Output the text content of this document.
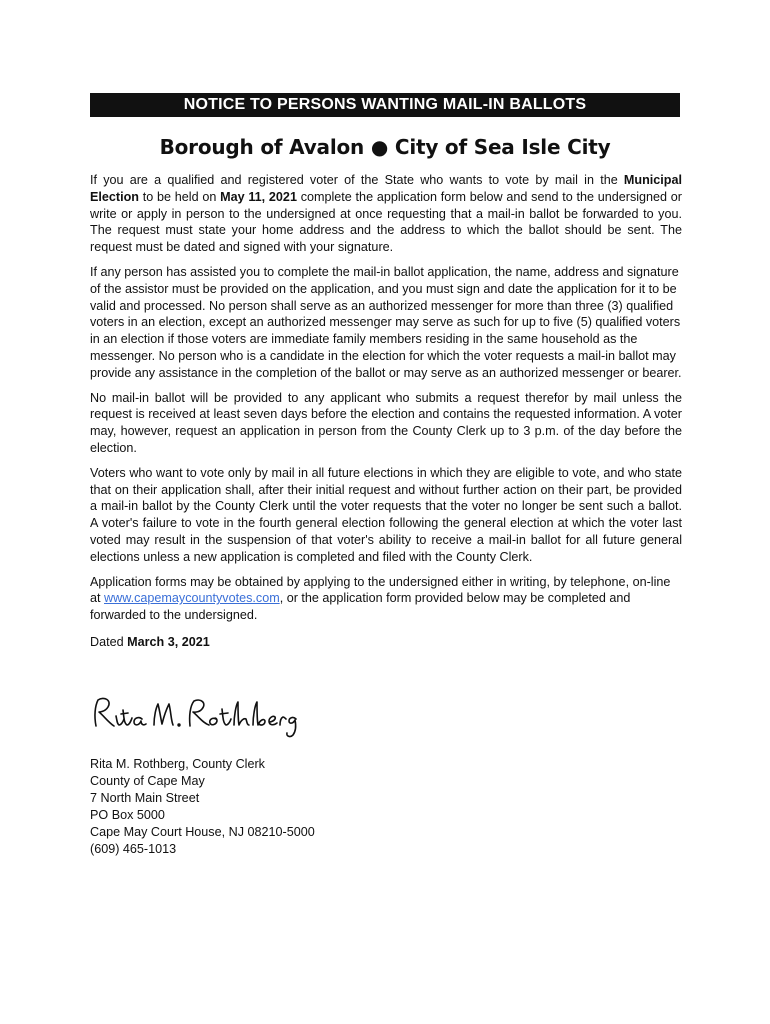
NOTICE TO PERSONS WANTING MAIL-IN BALLOTS
Borough of Avalon ● City of Sea Isle City

If you are a qualified and registered voter of the State who wants to vote by mail in the Municipal Election to be held on May 11, 2021 complete the application form below and send to the undersigned or write or apply in person to the undersigned at once requesting that a mail-in ballot be forwarded to you. The request must state your home address and the address to which the ballot should be sent. The request must be dated and signed with your signature.

If any person has assisted you to complete the mail-in ballot application, the name, address and signature of the assistor must be provided on the application, and you must sign and date the application for it to be valid and processed. No person shall serve as an authorized messenger for more than three (3) qualified voters in an election, except an authorized messenger may serve as such for up to five (5) qualified voters in an election if those voters are immediate family members residing in the same household as the messenger. No person who is a candidate in the election for which the voter requests a mail-in ballot may provide any assistance in the completion of the ballot or may serve as an authorized messenger or bearer.

No mail-in ballot will be provided to any applicant who submits a request therefor by mail unless the request is received at least seven days before the election and contains the requested information. A voter may, however, request an application in person from the County Clerk up to 3 p.m. of the day before the election.

Voters who want to vote only by mail in all future elections in which they are eligible to vote, and who state that on their application shall, after their initial request and without further action on their part, be provided a mail-in ballot by the County Clerk until the voter requests that the voter no longer be sent such a ballot. A voter's failure to vote in the fourth general election following the general election at which the voter last voted may result in the suspension of that voter's ability to receive a mail-in ballot for all future general elections unless a new application is completed and filed with the County Clerk.

Application forms may be obtained by applying to the undersigned either in writing, by telephone, on-line at www.capemaycountyvotes.com, or the application form provided below may be completed and forwarded to the undersigned.

Dated March 3, 2021

Rita M. Rothberg, County Clerk
County of Cape May
7 North Main Street
PO Box 5000
Cape May Court House, NJ 08210-5000
(609) 465-1013
